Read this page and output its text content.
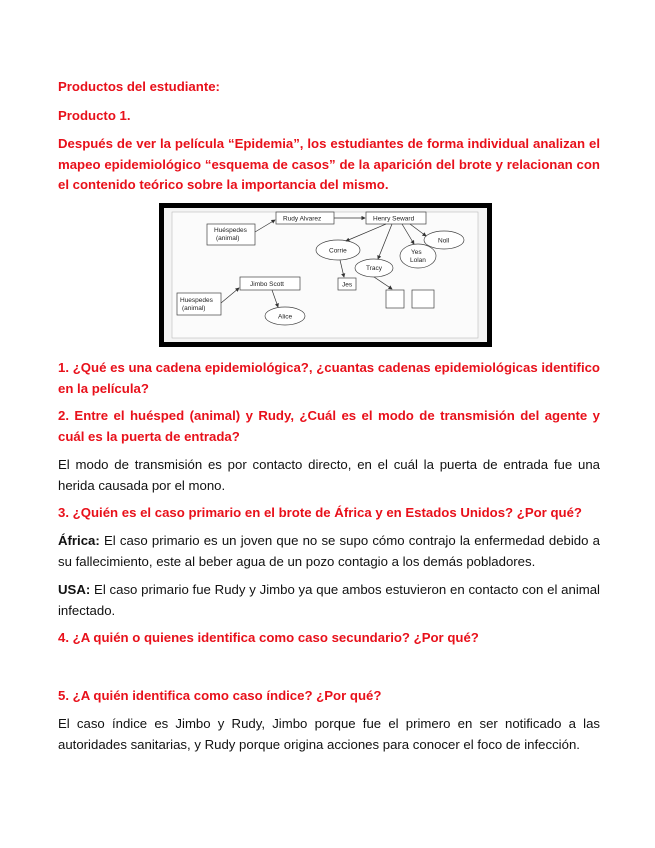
Productos del estudiante:

Producto 1.

Después de ver la película “Epidemia”, los estudiantes de forma individual analizan el mapeo epidemiológico “esquema de casos” de la aparición del brote y relacionan con el contenido teórico sobre la importancia del mismo.

Huéspedes
(animal)
Rudy Alvarez	Henry Seward
Corrie
Tracy
Noll
Yes
Lolan
Jes
Jimbo Scott
Huespedes
(animal)
Alice

1. ¿Qué es una cadena epidemiológica?, ¿cuantas cadenas epidemiológicas identifico en la película?

2. Entre el huésped (animal) y Rudy, ¿Cuál es el modo de transmisión del agente y cuál es la puerta de entrada?

El modo de transmisión es por contacto directo, en el cuál la puerta de entrada fue una herida causada por el mono.

3. ¿Quién es el caso primario en el brote de África y en Estados Unidos? ¿Por qué?

África: El caso primario es un joven que no se supo cómo contrajo la enfermedad debido a su fallecimiento, este al beber agua de un pozo contagio a los demás pobladores.

USA: El caso primario fue Rudy y Jimbo ya que ambos estuvieron en contacto con el animal infectado.

4. ¿A quién o quienes identifica como caso secundario? ¿Por qué?

5. ¿A quién identifica como caso índice? ¿Por qué?

El caso índice es Jimbo y Rudy, Jimbo porque fue el primero en ser notificado a las autoridades sanitarias, y Rudy porque origina acciones para conocer el foco de infección.
